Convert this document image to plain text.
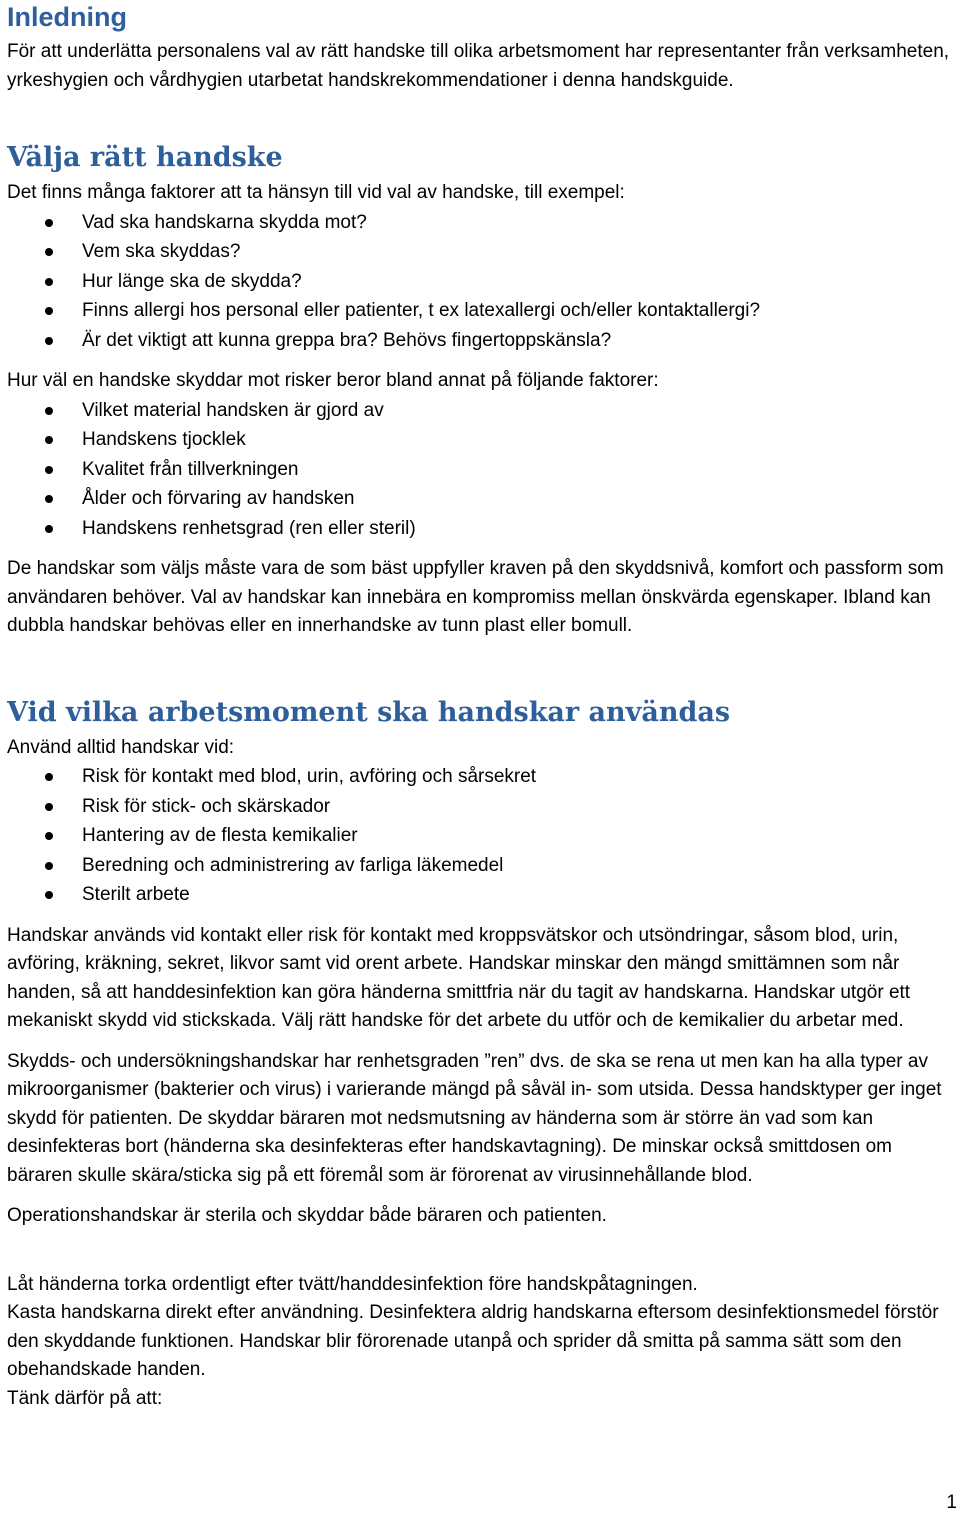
Inledning

För att underlätta personalens val av rätt handske till olika arbetsmoment har representanter från verksamheten, yrkeshygien och vårdhygien utarbetat handskrekommendationer i denna handskguide.

Välja rätt handske

Det finns många faktorer att ta hänsyn till vid val av handske, till exempel:

Vad ska handskarna skydda mot?
Vem ska skyddas?
Hur länge ska de skydda?
Finns allergi hos personal eller patienter, t ex latexallergi och/eller kontaktallergi?
Är det viktigt att kunna greppa bra? Behövs fingertoppskänsla?

Hur väl en handske skyddar mot risker beror bland annat på följande faktorer:

Vilket material handsken är gjord av
Handskens tjocklek
Kvalitet från tillverkningen
Ålder och förvaring av handsken
Handskens renhetsgrad (ren eller steril)

De handskar som väljs måste vara de som bäst uppfyller kraven på den skyddsnivå, komfort och passform som användaren behöver. Val av handskar kan innebära en kompromiss mellan önskvärda egenskaper. Ibland kan dubbla handskar behövas eller en innerhandske av tunn plast eller bomull.

Vid vilka arbetsmoment ska handskar användas

Använd alltid handskar vid:

Risk för kontakt med blod, urin, avföring och sårsekret
Risk för stick- och skärskador
Hantering av de flesta kemikalier
Beredning och administrering av farliga läkemedel
Sterilt arbete

Handskar används vid kontakt eller risk för kontakt med kroppsvätskor och utsöndringar, såsom blod, urin, avföring, kräkning, sekret, likvor samt vid orent arbete. Handskar minskar den mängd smittämnen som når handen, så att handdesinfektion kan göra händerna smittfria när du tagit av handskarna. Handskar utgör ett mekaniskt skydd vid stickskada. Välj rätt handske för det arbete du utför och de kemikalier du arbetar med.

Skydds- och undersökningshandskar har renhetsgraden ”ren” dvs. de ska se rena ut men kan ha alla typer av mikroorganismer (bakterier och virus) i varierande mängd på såväl in- som utsida. Dessa handsktyper ger inget skydd för patienten. De skyddar bäraren mot nedsmutsning av händerna som är större än vad som kan desinfekteras bort (händerna ska desinfekteras efter handskavtagning). De minskar också smittdosen om bäraren skulle skära/sticka sig på ett föremål som är förorenat av virusinnehållande blod.

Operationshandskar är sterila och skyddar både bäraren och patienten.

Låt händerna torka ordentligt efter tvätt/handdesinfektion före handskpåtagningen.

Kasta handskarna direkt efter användning. Desinfektera aldrig handskarna eftersom desinfektionsmedel förstör den skyddande funktionen. Handskar blir förorenade utanpå och sprider då smitta på samma sätt som den obehandskade handen.

Tänk därför på att:

1
